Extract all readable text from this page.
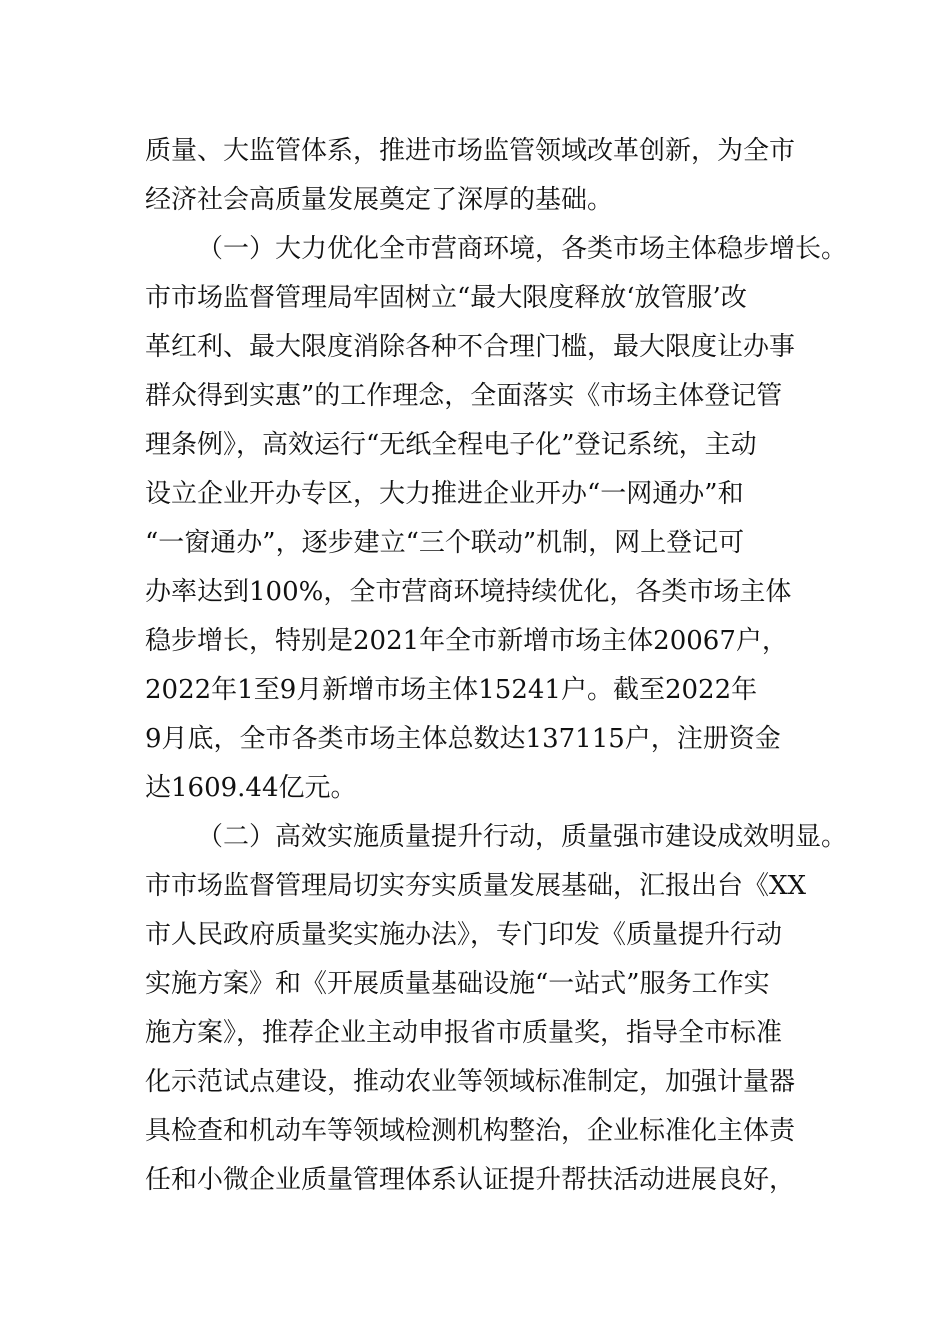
质量、大监管体系，推进市场监管领域改革创新，为全市
经济社会高质量发展奠定了深厚的基础。
（一）大力优化全市营商环境，各类市场主体稳步增长。
市市场监督管理局牢固树立“最大限度释放‘放管服’改
革红利、最大限度消除各种不合理门槛，最大限度让办事
群众得到实惠”的工作理念，全面落实《市场主体登记管
理条例》，高效运行“无纸全程电子化”登记系统，主动
设立企业开办专区，大力推进企业开办“一网通办”和
“一窗通办”，逐步建立“三个联动”机制，网上登记可
办率达到100%，全市营商环境持续优化，各类市场主体
稳步增长，特别是2021年全市新增市场主体20067户，
2022年1至9月新增市场主体15241户。截至2022年
9月底，全市各类市场主体总数达137115户，注册资金
达1609.44亿元。
（二）高效实施质量提升行动，质量强市建设成效明显。
市市场监督管理局切实夯实质量发展基础，汇报出台《XX
市人民政府质量奖实施办法》，专门印发《质量提升行动
实施方案》和《开展质量基础设施“一站式”服务工作实
施方案》，推荐企业主动申报省市质量奖，指导全市标准
化示范试点建设，推动农业等领域标准制定，加强计量器
具检查和机动车等领域检测机构整治，企业标准化主体责
任和小微企业质量管理体系认证提升帮扶活动进展良好，
